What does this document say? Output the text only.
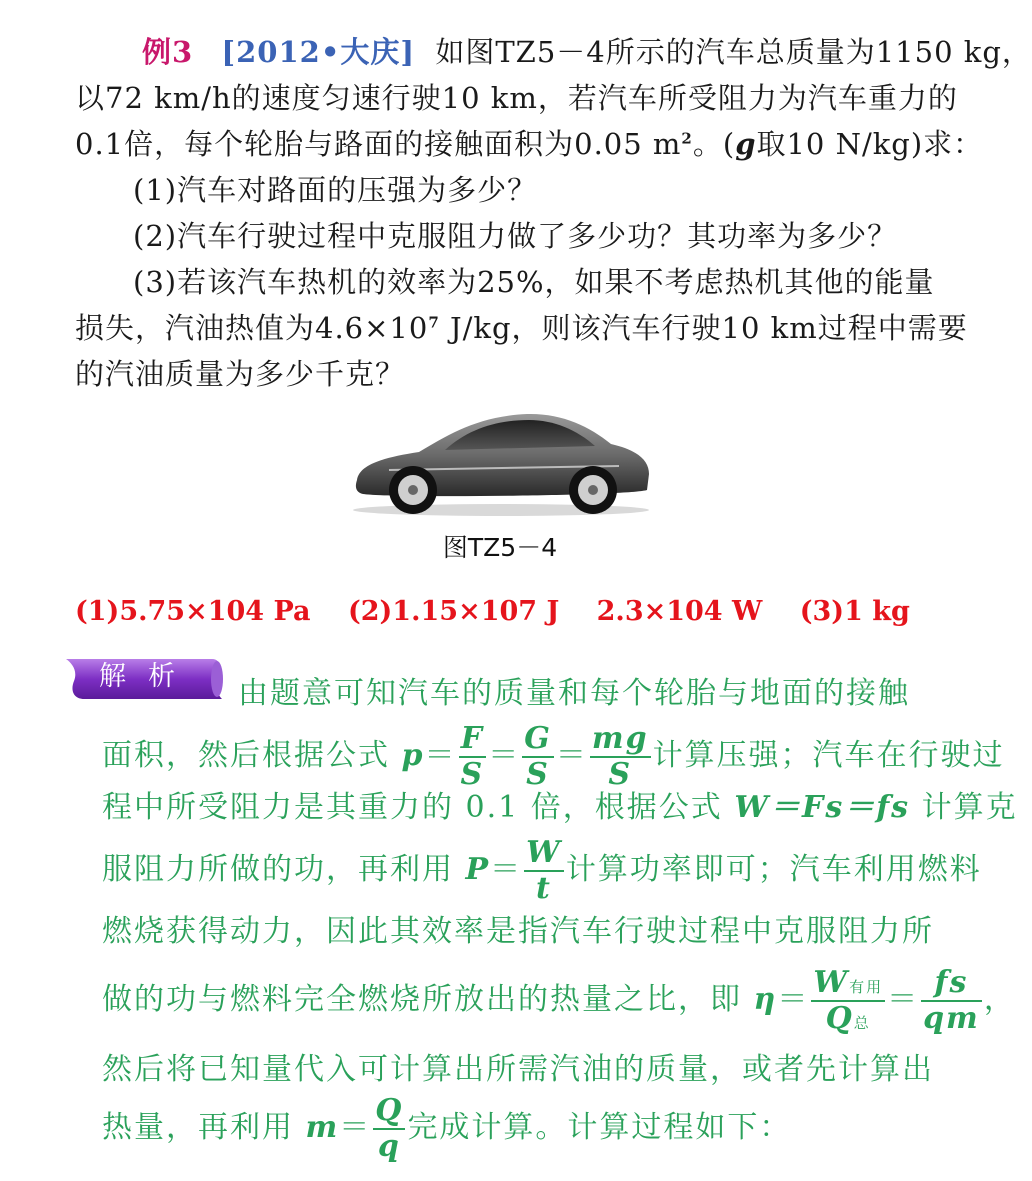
例3 [2012•大庆] 如图TZ5－4所示的汽车总质量为1150 kg，
以72 km/h的速度匀速行驶10 km，若汽车所受阻力为汽车重力的
0.1倍，每个轮胎与路面的接触面积为0.05 $m^2$。(g取10 N/kg)求：
(1)汽车对路面的压强为多少？
(2)汽车行驶过程中克服阻力做了多少功？其功率为多少？
(3)若该汽车热机的效率为25%，如果不考虑热机其他的能量
损失，汽油热值为$4.6\times 10^7$ J/kg，则该汽车行驶10 km过程中需要
的汽油质量为多少千克？
图TZ5－4
(1)5.75×104 Pa (2)1.15×107 J 2.3×104 W (3)1 kg
解析	由题意可知汽车的质量和每个轮胎与地面的接触
面积，然后根据公式 $p= \frac{F}{S} = \frac{G}{S} = \frac{mg}{S}$ 计算压强；汽车在行驶过
程中所受阻力是其重力的 0.1 倍，根据公式 W＝Fs＝fs 计算克
服阻力所做的功，再利用 $P= \frac{W}{t}$ 计算功率即可；汽车利用燃料
燃烧获得动力，因此其效率是指汽车行驶过程中克服阻力所
做的功与燃料完全燃烧所放出的热量之比，即 $\eta= \frac{\text{W有用}}{\text{Q总}} = \frac{fs}{qm}$ ，
然后将已知量代入可计算出所需汽油的质量，或者先计算出
热量，再利用 $m= \frac{Q}{q}$ 完成计算。计算过程如下：
